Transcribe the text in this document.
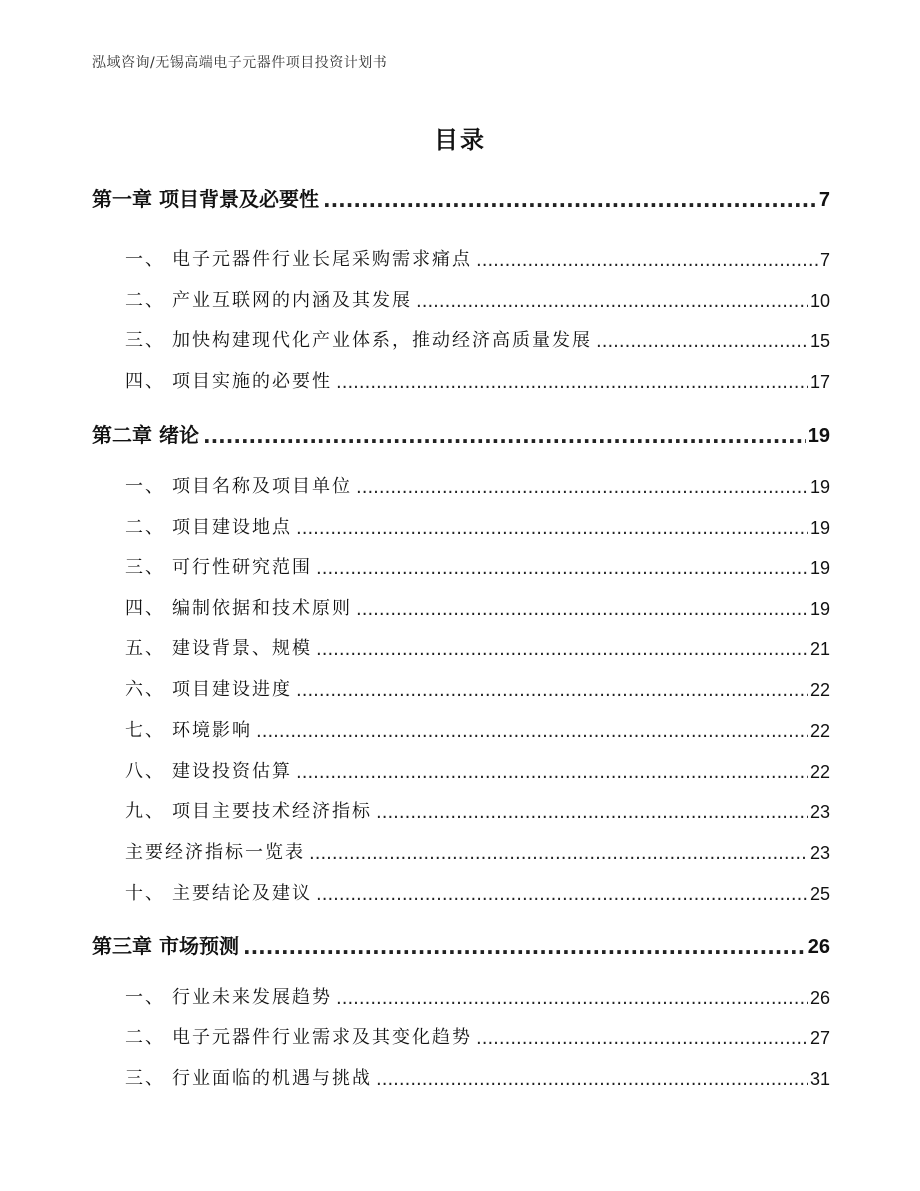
泓域咨询/无锡高端电子元器件项目投资计划书
目录
第一章 项目背景及必要性 .....	7
一、 电子元器件行业长尾采购需求痛点 .....	7
二、 产业互联网的内涵及其发展 .....	10
三、 加快构建现代化产业体系，推动经济高质量发展 .....	15
四、 项目实施的必要性 .....	17
第二章 绪论 .....	19
一、 项目名称及项目单位 .....	19
二、 项目建设地点 .....	19
三、 可行性研究范围 .....	19
四、 编制依据和技术原则 .....	19
五、 建设背景、规模 .....	21
六、 项目建设进度 .....	22
七、 环境影响 .....	22
八、 建设投资估算 .....	22
九、 项目主要技术经济指标 .....	23
主要经济指标一览表 .....	23
十、 主要结论及建议 .....	25
第三章 市场预测 .....	26
一、 行业未来发展趋势 .....	26
二、 电子元器件行业需求及其变化趋势 .....	27
三、 行业面临的机遇与挑战 .....	31
